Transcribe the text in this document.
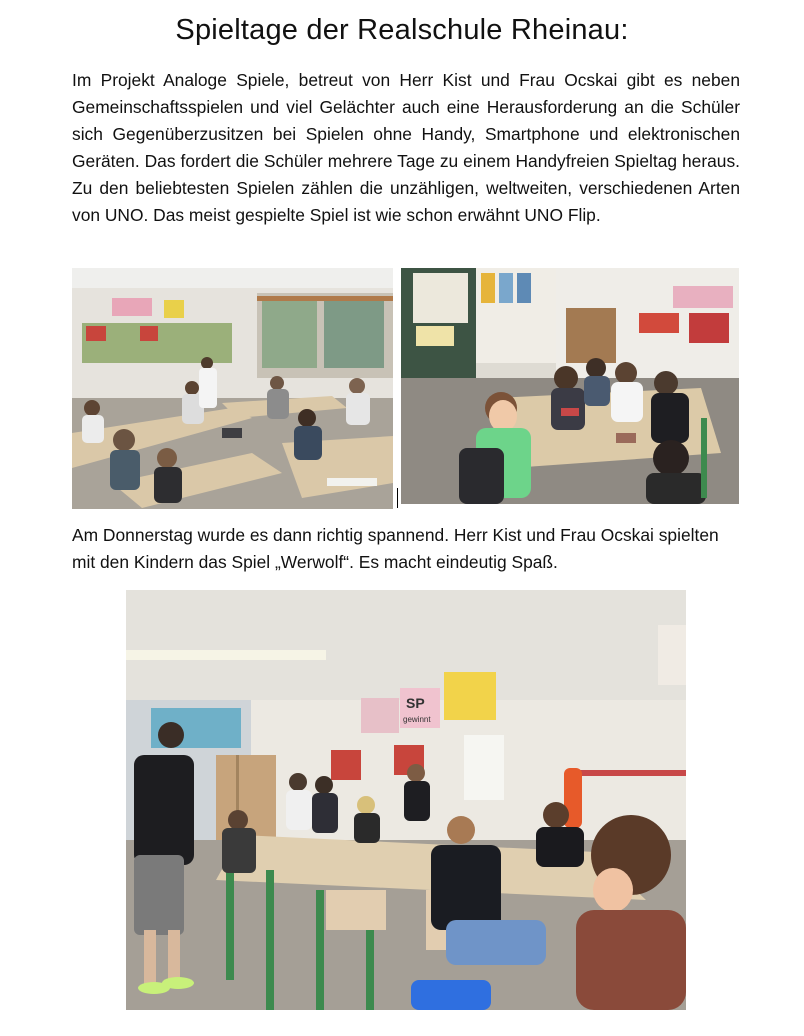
Spieltage der Realschule Rheinau:

Im Projekt Analoge Spiele, betreut von Herr Kist und Frau Ocskai gibt es neben Gemeinschaftsspielen und viel Gelächter auch eine Herausforderung an die Schüler sich Gegenüberzusitzen bei Spielen ohne Handy, Smartphone und elektronischen Geräten. Das fordert die Schüler mehrere Tage zu einem Handyfreien Spieltag heraus. Zu den beliebtesten Spielen zählen die unzähligen, weltweiten, verschiedenen Arten von UNO. Das meist gespielte Spiel ist wie schon erwähnt UNO Flip.

Am Donnerstag wurde es dann richtig spannend. Herr Kist und Frau Ocskai spielten mit den Kindern das Spiel „Werwolf“. Es macht eindeutig Spaß.

SP
gewinnt
